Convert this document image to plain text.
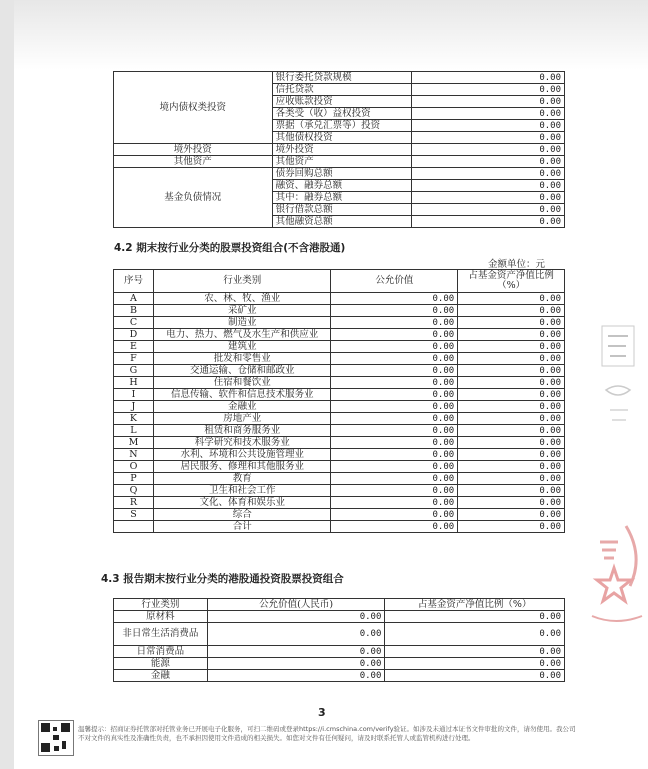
境内债权类投资	银行委托贷款规模	0.00
	信托贷款	0.00
	应收账款投资	0.00
	各类受（收）益权投资	0.00
	票据（承兑汇票等）投资	0.00
	其他债权投资	0.00
境外投资	境外投资	0.00
其他资产	其他资产	0.00
基金负债情况	债券回购总额	0.00
	融资、融券总额	0.00
	其中：融券总额	0.00
	银行借款总额	0.00
	其他融资总额	0.00
4.2 期末按行业分类的股票投资组合(不含港股通)
金额单位：元
序号	行业类别	公允价值	占基金资产净值比例（%）
A	农、林、牧、渔业	0.00	0.00
B	采矿业	0.00	0.00
C	制造业	0.00	0.00
D	电力、热力、燃气及水生产和供应业	0.00	0.00
E	建筑业	0.00	0.00
F	批发和零售业	0.00	0.00
G	交通运输、仓储和邮政业	0.00	0.00
H	住宿和餐饮业	0.00	0.00
I	信息传输、软件和信息技术服务业	0.00	0.00
J	金融业	0.00	0.00
K	房地产业	0.00	0.00
L	租赁和商务服务业	0.00	0.00
M	科学研究和技术服务业	0.00	0.00
N	水利、环境和公共设施管理业	0.00	0.00
O	居民服务、修理和其他服务业	0.00	0.00
P	教育	0.00	0.00
Q	卫生和社会工作	0.00	0.00
R	文化、体育和娱乐业	0.00	0.00
S	综合	0.00	0.00
	合计	0.00	0.00
4.3 报告期末按行业分类的港股通投资股票投资组合
行业类别	公允价值(人民币)	占基金资产净值比例（%）
原材料	0.00	0.00
非日常生活消费品	0.00	0.00
日常消费品	0.00	0.00
能源	0.00	0.00
金融	0.00	0.00
3
温馨提示：招商证券托管部对托管业务已开展电子化服务，可扫二维码或登录https://i.cmschina.com/verify验证。如涉及未通过本证书文件审批的文件，请勿使用。我公司不对文件的真实性及准确性负责，也不承担因使用文件造成的相关损失。如您对文件有任何疑问，请及时联系托管人或监管机构进行处理。
